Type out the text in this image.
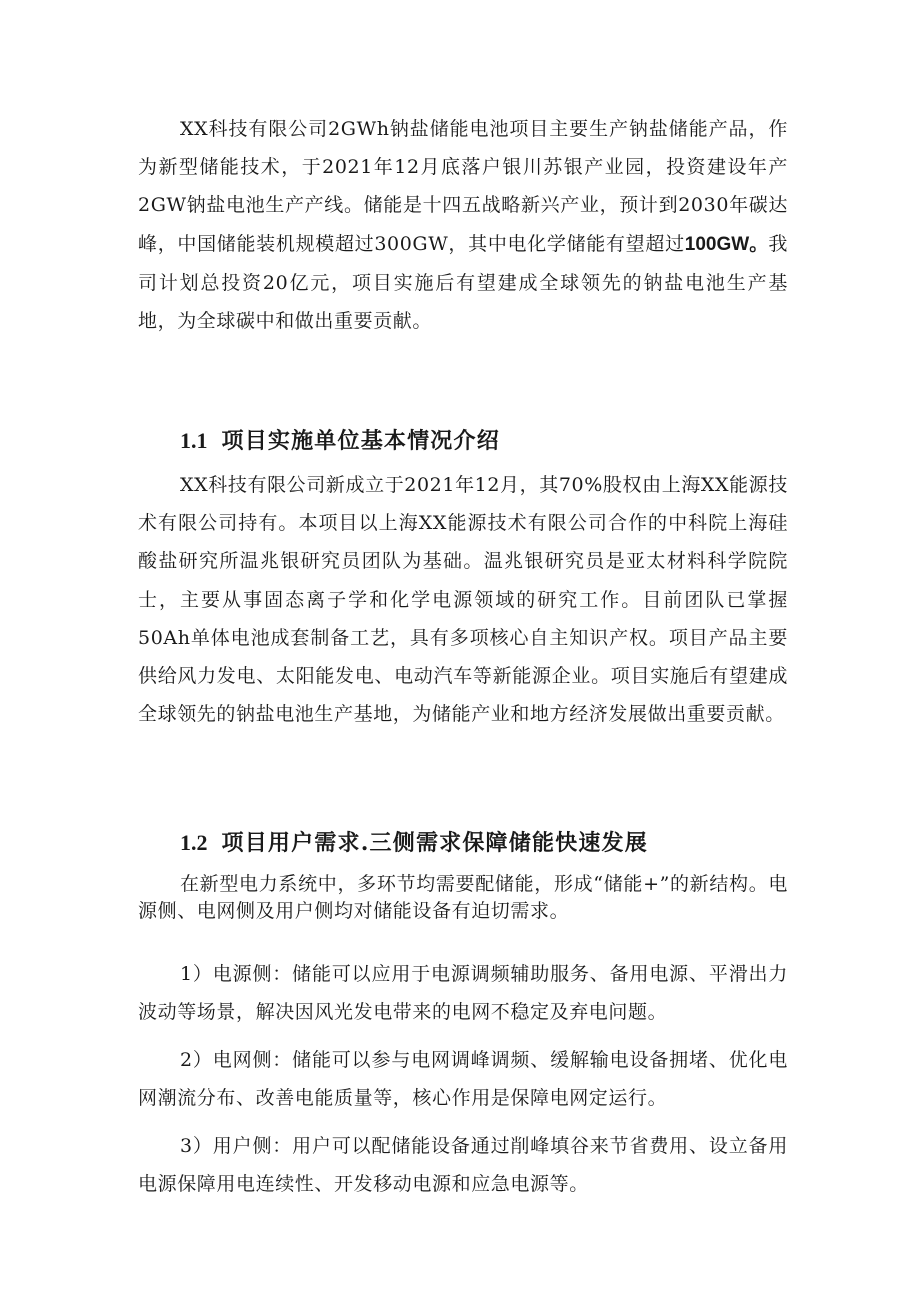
XX科技有限公司2GWh钠盐储能电池项目主要生产钠盐储能产品，作为新型储能技术，于2021年12月底落户银川苏银产业园，投资建设年产2GW钠盐电池生产产线。储能是十四五战略新兴产业，预计到2030年碳达峰，中国储能装机规模超过300GW，其中电化学储能有望超过100GW。我司计划总投资20亿元，项目实施后有望建成全球领先的钠盐电池生产基地，为全球碳中和做出重要贡献。

1.1 项目实施单位基本情况介绍

XX科技有限公司新成立于2021年12月，其70%股权由上海XX能源技术有限公司持有。本项目以上海XX能源技术有限公司合作的中科院上海硅酸盐研究所温兆银研究员团队为基础。温兆银研究员是亚太材料科学院院士，主要从事固态离子学和化学电源领域的研究工作。目前团队已掌握50Ah单体电池成套制备工艺，具有多项核心自主知识产权。项目产品主要供给风力发电、太阳能发电、电动汽车等新能源企业。项目实施后有望建成全球领先的钠盐电池生产基地，为储能产业和地方经济发展做出重要贡献。

1.2 项目用户需求.三侧需求保障储能快速发展

在新型电力系统中，多环节均需要配储能，形成“储能+”的新结构。电源侧、电网侧及用户侧均对储能设备有迫切需求。

1）电源侧：储能可以应用于电源调频辅助服务、备用电源、平滑出力波动等场景，解决因风光发电带来的电网不稳定及弃电问题。

2）电网侧：储能可以参与电网调峰调频、缓解输电设备拥堵、优化电网潮流分布、改善电能质量等，核心作用是保障电网定运行。

3）用户侧：用户可以配储能设备通过削峰填谷来节省费用、设立备用电源保障用电连续性、开发移动电源和应急电源等。
